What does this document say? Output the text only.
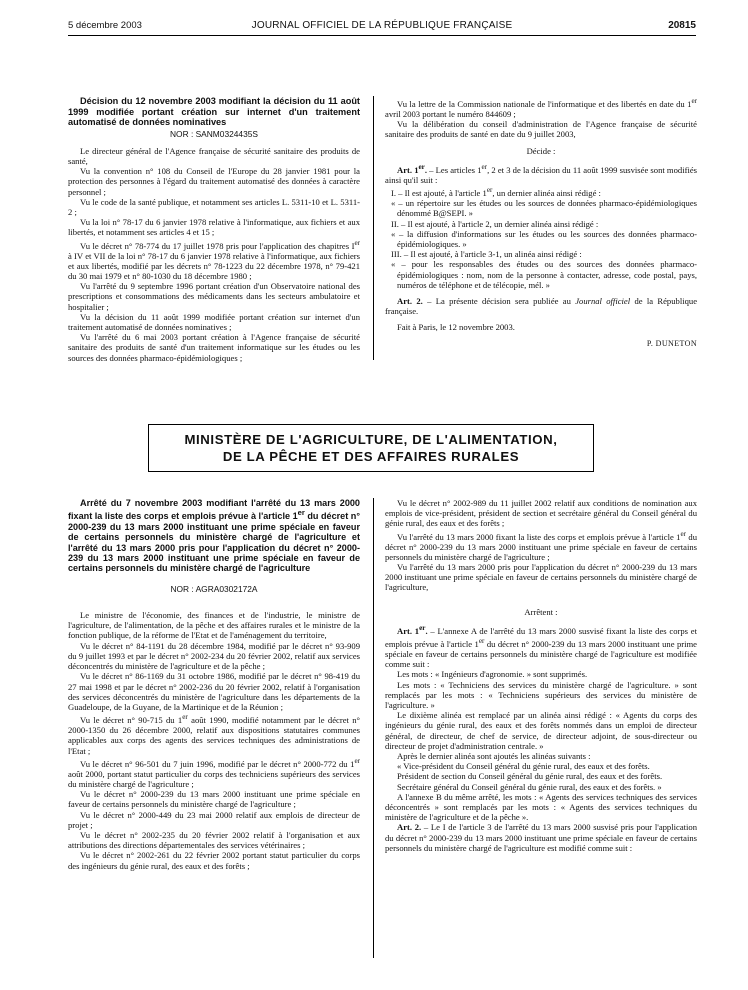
5 décembre 2003	JOURNAL OFFICIEL DE LA RÉPUBLIQUE FRANÇAISE	20815

Décision du 12 novembre 2003 modifiant la décision du 11 août 1999 modifiée portant création sur internet d'un traitement automatisé de données nominatives

NOR : SANM0324435S

Le directeur général de l'Agence française de sécurité sanitaire des produits de santé,

Vu la convention n° 108 du Conseil de l'Europe du 28 janvier 1981 pour la protection des personnes à l'égard du traitement automatisé des données à caractère personnel ;

Vu le code de la santé publique, et notamment ses articles L. 5311-10 et L. 5311-2 ;

Vu la loi n° 78-17 du 6 janvier 1978 relative à l'informatique, aux fichiers et aux libertés, et notamment ses articles 4 et 15 ;

Vu le décret n° 78-774 du 17 juillet 1978 pris pour l'application des chapitres Ier à IV et VII de la loi n° 78-17 du 6 janvier 1978 relative à l'informatique, aux fichiers et aux libertés, modifié par les décrets n° 78-1223 du 22 décembre 1978, n° 79-421 du 30 mai 1979 et n° 80-1030 du 18 décembre 1980 ;

Vu l'arrêté du 9 septembre 1996 portant création d'un Observatoire national des prescriptions et consommations des médicaments dans les secteurs ambulatoire et hospitalier ;

Vu la décision du 11 août 1999 modifiée portant création sur internet d'un traitement automatisé de données nominatives ;

Vu l'arrêté du 6 mai 2003 portant création à l'Agence française de sécurité sanitaire des produits de santé d'un traitement informatique sur les études ou les sources des données pharmaco-épidémiologiques ;

Vu la lettre de la Commission nationale de l'informatique et des libertés en date du 1er avril 2003 portant le numéro 844609 ;

Vu la délibération du conseil d'administration de l'Agence française de sécurité sanitaire des produits de santé en date du 9 juillet 2003,

Décide :

Art. 1er. – Les articles 1er, 2 et 3 de la décision du 11 août 1999 susvisée sont modifiés ainsi qu'il suit :

I. – Il est ajouté, à l'article 1er, un dernier alinéa ainsi rédigé :

« – un répertoire sur les études ou les sources de données pharmaco-épidémiologiques dénommé B@SEPI. »

II. – Il est ajouté, à l'article 2, un dernier alinéa ainsi rédigé :

« – la diffusion d'informations sur les études ou les sources des données pharmaco-épidémiologiques. »

III. – Il est ajouté, à l'article 3-1, un alinéa ainsi rédigé :

« – pour les responsables des études ou des sources des données pharmaco-épidémiologiques : nom, nom de la personne à contacter, adresse, code postal, pays, numéros de téléphone et de télécopie, mél. »

Art. 2. – La présente décision sera publiée au Journal officiel de la République française.

Fait à Paris, le 12 novembre 2003.

P. DUNETON

MINISTÈRE DE L'AGRICULTURE, DE L'ALIMENTATION,
DE LA PÊCHE ET DES AFFAIRES RURALES

Arrêté du 7 novembre 2003 modifiant l'arrêté du 13 mars 2000 fixant la liste des corps et emplois prévue à l'article 1er du décret n° 2000-239 du 13 mars 2000 instituant une prime spéciale en faveur de certains personnels du ministère chargé de l'agriculture et l'arrêté du 13 mars 2000 pris pour l'application du décret n° 2000-239 du 13 mars 2000 instituant une prime spéciale en faveur de certains personnels du ministère chargé de l'agriculture

NOR : AGRA0302172A

Le ministre de l'économie, des finances et de l'industrie, le ministre de l'agriculture, de l'alimentation, de la pêche et des affaires rurales et le ministre de la fonction publique, de la réforme de l'Etat et de l'aménagement du territoire,

Vu le décret n° 84-1191 du 28 décembre 1984, modifié par le décret n° 93-909 du 9 juillet 1993 et par le décret n° 2002-234 du 20 février 2002, relatif aux services déconcentrés du ministère de l'agriculture et de la pêche ;

Vu le décret n° 86-1169 du 31 octobre 1986, modifié par le décret n° 98-419 du 27 mai 1998 et par le décret n° 2002-236 du 20 février 2002, relatif à l'organisation des services déconcentrés du ministère de l'agriculture dans les départements de la Guadeloupe, de la Guyane, de la Martinique et de la Réunion ;

Vu le décret n° 90-715 du 1er août 1990, modifié notamment par le décret n° 2000-1350 du 26 décembre 2000, relatif aux dispositions statutaires communes applicables aux corps des agents des services techniques des administrations de l'Etat ;

Vu le décret n° 96-501 du 7 juin 1996, modifié par le décret n° 2000-772 du 1er août 2000, portant statut particulier du corps des techniciens supérieurs des services du ministère chargé de l'agriculture ;

Vu le décret n° 2000-239 du 13 mars 2000 instituant une prime spéciale en faveur de certains personnels du ministère chargé de l'agriculture ;

Vu le décret n° 2000-449 du 23 mai 2000 relatif aux emplois de directeur de projet ;

Vu le décret n° 2002-235 du 20 février 2002 relatif à l'organisation et aux attributions des directions départementales des services vétérinaires ;

Vu le décret n° 2002-261 du 22 février 2002 portant statut particulier du corps des ingénieurs du génie rural, des eaux et des forêts ;

Vu le décret n° 2002-989 du 11 juillet 2002 relatif aux conditions de nomination aux emplois de vice-président, président de section et secrétaire général du Conseil général du génie rural, des eaux et des forêts ;

Vu l'arrêté du 13 mars 2000 fixant la liste des corps et emplois prévue à l'article 1er du décret n° 2000-239 du 13 mars 2000 instituant une prime spéciale en faveur de certains personnels du ministère chargé de l'agriculture ;

Vu l'arrêté du 13 mars 2000 pris pour l'application du décret n° 2000-239 du 13 mars 2000 instituant une prime spéciale en faveur de certains personnels du ministère chargé de l'agriculture,

Arrêtent :

Art. 1er. – L'annexe A de l'arrêté du 13 mars 2000 susvisé fixant la liste des corps et emplois prévue à l'article 1er du décret n° 2000-239 du 13 mars 2000 instituant une prime spéciale en faveur de certains personnels du ministère chargé de l'agriculture est modifiée comme suit :

Les mots : « Ingénieurs d'agronomie. » sont supprimés.

Les mots : « Techniciens des services du ministère chargé de l'agriculture. » sont remplacés par les mots : « Techniciens supérieurs des services du ministère de l'agriculture. »

Le dixième alinéa est remplacé par un alinéa ainsi rédigé : « Agents du corps des ingénieurs du génie rural, des eaux et des forêts nommés dans un emploi de directeur général, de directeur, de chef de service, de directeur adjoint, de sous-directeur ou directeur de projet d'administration centrale. »

Après le dernier alinéa sont ajoutés les alinéas suivants :

« Vice-président du Conseil général du génie rural, des eaux et des forêts.

Président de section du Conseil général du génie rural, des eaux et des forêts.

Secrétaire général du Conseil général du génie rural, des eaux et des forêts. »

A l'annexe B du même arrêté, les mots : « Agents des services techniques des services déconcentrés » sont remplacés par les mots : « Agents des services techniques du ministère de l'agriculture et de la pêche ».

Art. 2. – Le I de l'article 3 de l'arrêté du 13 mars 2000 susvisé pris pour l'application du décret n° 2000-239 du 13 mars 2000 instituant une prime spéciale en faveur de certains personnels du ministère chargé de l'agriculture est modifié comme suit :
